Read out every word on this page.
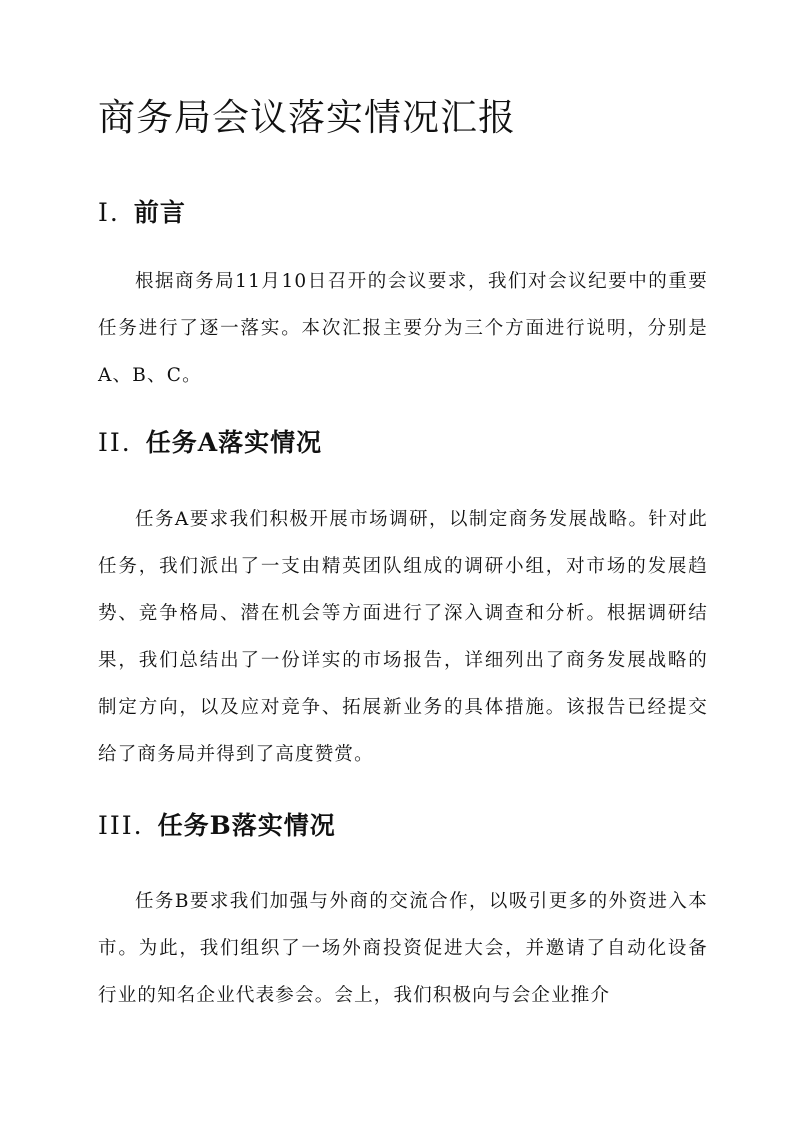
商务局会议落实情况汇报
I. 前言

根据商务局11月10日召开的会议要求，我们对会议纪要中的重要任务进行了逐一落实。本次汇报主要分为三个方面进行说明，分别是A、B、C。

II. 任务A落实情况

任务A要求我们积极开展市场调研，以制定商务发展战略。针对此任务，我们派出了一支由精英团队组成的调研小组，对市场的发展趋势、竞争格局、潜在机会等方面进行了深入调查和分析。根据调研结果，我们总结出了一份详实的市场报告，详细列出了商务发展战略的制定方向，以及应对竞争、拓展新业务的具体措施。该报告已经提交给了商务局并得到了高度赞赏。

III. 任务B落实情况

任务B要求我们加强与外商的交流合作，以吸引更多的外资进入本市。为此，我们组织了一场外商投资促进大会，并邀请了自动化设备行业的知名企业代表参会。会上，我们积极向与会企业推介
